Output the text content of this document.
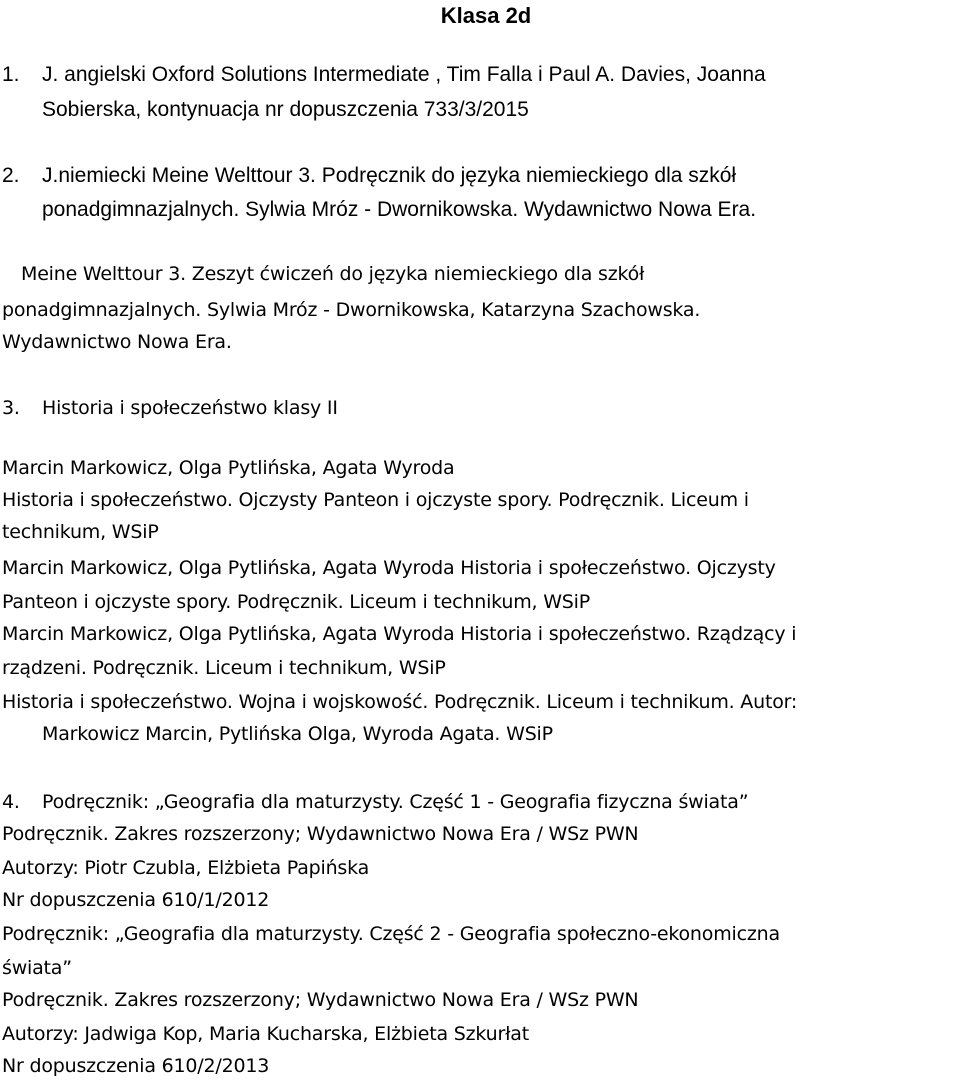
Klasa 2d
1. J. angielski Oxford Solutions Intermediate , Tim Falla i Paul A. Davies, Joanna
Sobierska, kontynuacja nr dopuszczenia 733/3/2015
2. J.niemiecki Meine Welttour 3. Podręcznik do języka niemieckiego dla szkół
ponadgimnazjalnych. Sylwia Mróz - Dwornikowska. Wydawnictwo Nowa Era.
Meine Welttour 3. Zeszyt ćwiczeń do języka niemieckiego dla szkół
ponadgimnazjalnych. Sylwia Mróz - Dwornikowska, Katarzyna Szachowska.
Wydawnictwo Nowa Era.
3. Historia i społeczeństwo klasy II
Marcin Markowicz, Olga Pytlińska, Agata Wyroda
Historia i społeczeństwo. Ojczysty Panteon i ojczyste spory. Podręcznik. Liceum i
technikum, WSiP
Marcin Markowicz, Olga Pytlińska, Agata Wyroda Historia i społeczeństwo. Ojczysty
Panteon i ojczyste spory. Podręcznik. Liceum i technikum, WSiP
Marcin Markowicz, Olga Pytlińska, Agata Wyroda Historia i społeczeństwo. Rządzący i
rządzeni. Podręcznik. Liceum i technikum, WSiP
Historia i społeczeństwo. Wojna i wojskowość. Podręcznik. Liceum i technikum. Autor:
Markowicz Marcin, Pytlińska Olga, Wyroda Agata. WSiP
4. Podręcznik: „Geografia dla maturzysty. Część 1 - Geografia fizyczna świata”
Podręcznik. Zakres rozszerzony; Wydawnictwo Nowa Era / WSz PWN
Autorzy: Piotr Czubla, Elżbieta Papińska
Nr dopuszczenia 610/1/2012
Podręcznik: „Geografia dla maturzysty. Część 2 - Geografia społeczno-ekonomiczna
świata”
Podręcznik. Zakres rozszerzony; Wydawnictwo Nowa Era / WSz PWN
Autorzy: Jadwiga Kop, Maria Kucharska, Elżbieta Szkurłat
Nr dopuszczenia 610/2/2013
